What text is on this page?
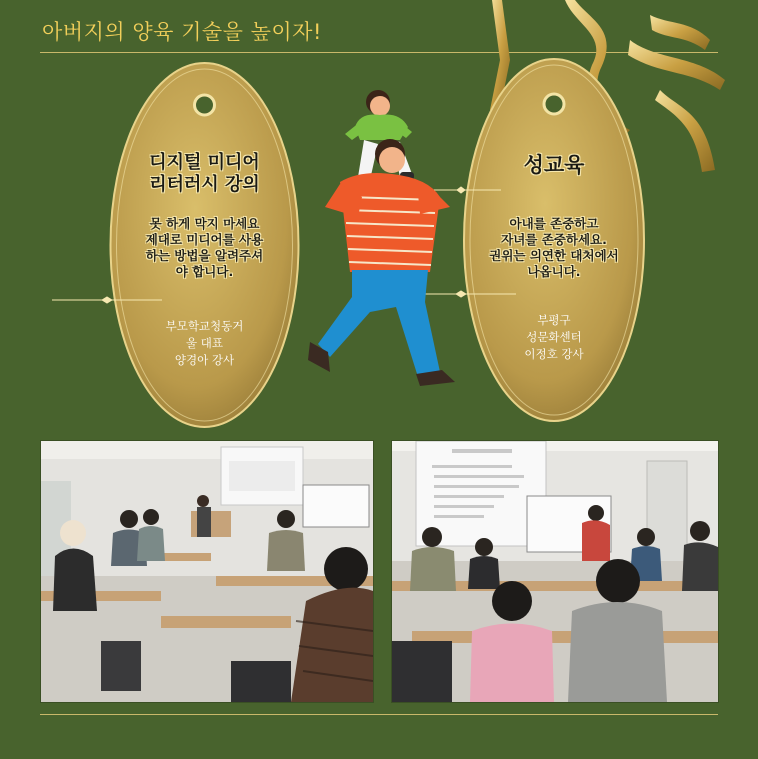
아버지의 양육 기술을 높이자!
디지털 미디어
리터러시 강의
못 하게 막지 마세요
제대로 미디어를 사용
하는 방법을 알려주셔
야 합니다.
부모학교청동거
울 대표
양경아 강사
성교육
아내를 존중하고
자녀를 존중하세요.
권위는 의연한 대처에서
나옵니다.
부평구
성문화센터
이정호 강사
